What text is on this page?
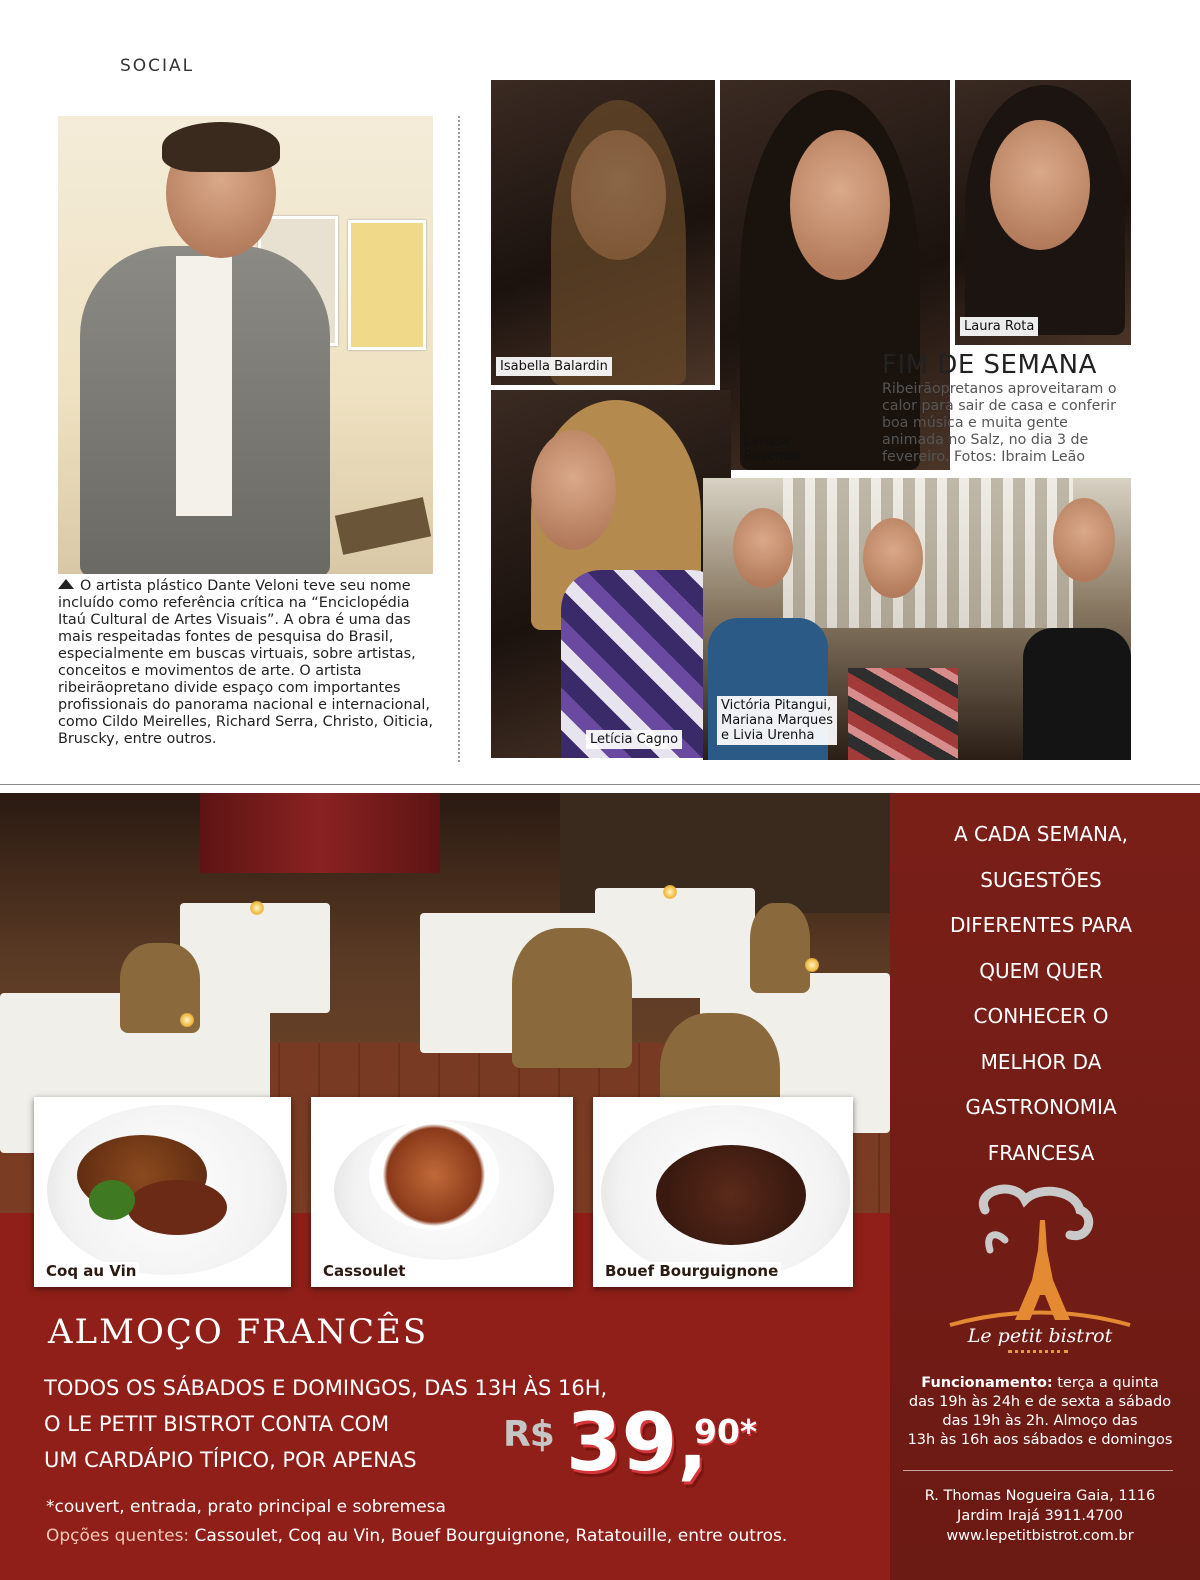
SOCIAL
O artista plástico Dante Veloni teve seu nome incluído como referência crítica na “Enciclopédia Itaú Cultural de Artes Visuais”. A obra é uma das mais respeitadas fontes de pesquisa do Brasil, especialmente em buscas virtuais, sobre artistas, conceitos e movimentos de arte. O artista ribeirãopretano divide espaço com importantes profissionais do panorama nacional e internacional, como Cildo Meirelles, Richard Serra, Christo, Oiticia, Bruscky, entre outros.
Isabella Balardin
Larissa
Resende
Laura Rota
FIM DE SEMANA
Ribeirãopretanos aproveitaram o calor para sair de casa e conferir boa música e muita gente animada no Salz, no dia 3 de fevereiro. Fotos: Ibraim Leão
Letícia Cagno
Victória Pitangui,
Mariana Marques
e Livia Urenha
A CADA SEMANA,
SUGESTÕES
DIFERENTES PARA
QUEM QUER
CONHECER O
MELHOR DA
GASTRONOMIA
FRANCESA
Coq au Vin	Cassoulet	Bouef Bourguignone
ALMOÇO FRANCÊS
TODOS OS SÁBADOS E DOMINGOS, DAS 13H ÀS 16H,
O LE PETIT BISTROT CONTA COM
UM CARDÁPIO TÍPICO, POR APENAS
R$ 39,
90*
*couvert, entrada, prato principal e sobremesa
Opções quentes: Cassoulet, Coq au Vin, Bouef Bourguignone, Ratatouille, entre outros.
Le petit bistrot
Funcionamento: terça a quinta
das 19h às 24h e de sexta a sábado
das 19h às 2h. Almoço das
13h às 16h aos sábados e domingos
R. Thomas Nogueira Gaia, 1116
Jardim Irajá 3911.4700
www.lepetitbistrot.com.br
